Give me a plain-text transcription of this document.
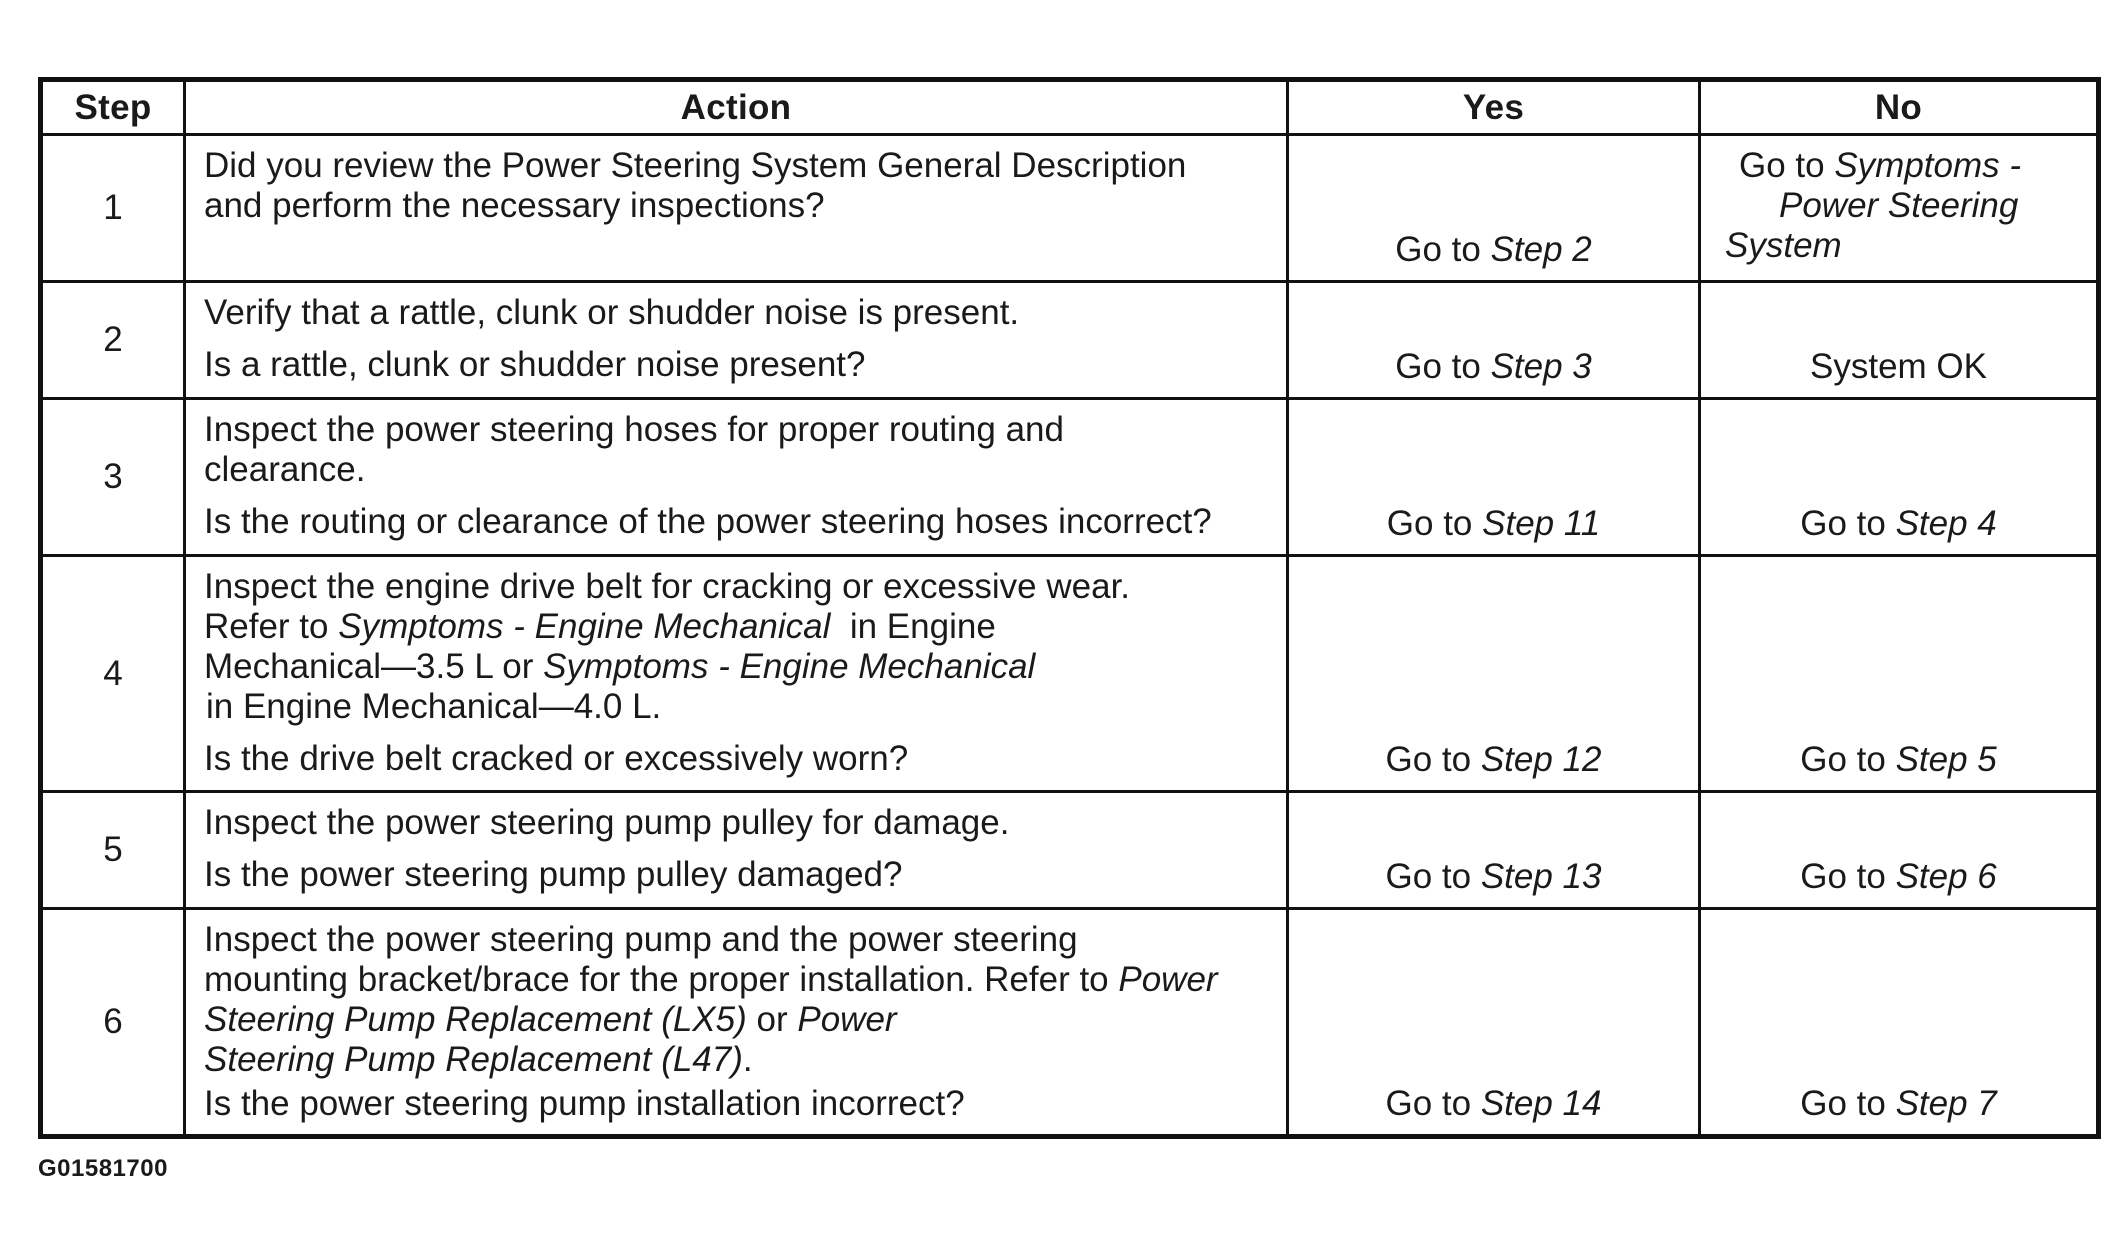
Step	Action	Yes	No
1	Did you review the Power Steering System General Description
and perform the necessary inspections?	Go to Step 2	Go to Symptoms -
Power Steering
System

2	Verify that a rattle, clunk or shudder noise is present.
Is a rattle, clunk or shudder noise present?	Go to Step 3	System OK
3	Inspect the power steering hoses for proper routing and
clearance.
Is the routing or clearance of the power steering hoses incorrect?	Go to Step 11	Go to Step 4
4	Inspect the engine drive belt for cracking or excessive wear.
Refer to Symptoms - Engine Mechanical  in Engine
Mechanical—3.5 L or Symptoms - Engine Mechanical
in Engine Mechanical—4.0 L.
Is the drive belt cracked or excessively worn?	Go to Step 12	Go to Step 5
5	Inspect the power steering pump pulley for damage.
Is the power steering pump pulley damaged?	Go to Step 13	Go to Step 6
6	Inspect the power steering pump and the power steering
mounting bracket/brace for the proper installation. Refer to Power
Steering Pump Replacement (LX5) or Power
Steering Pump Replacement (L47).
Is the power steering pump installation incorrect?	Go to Step 14	Go to Step 7
G01581700
